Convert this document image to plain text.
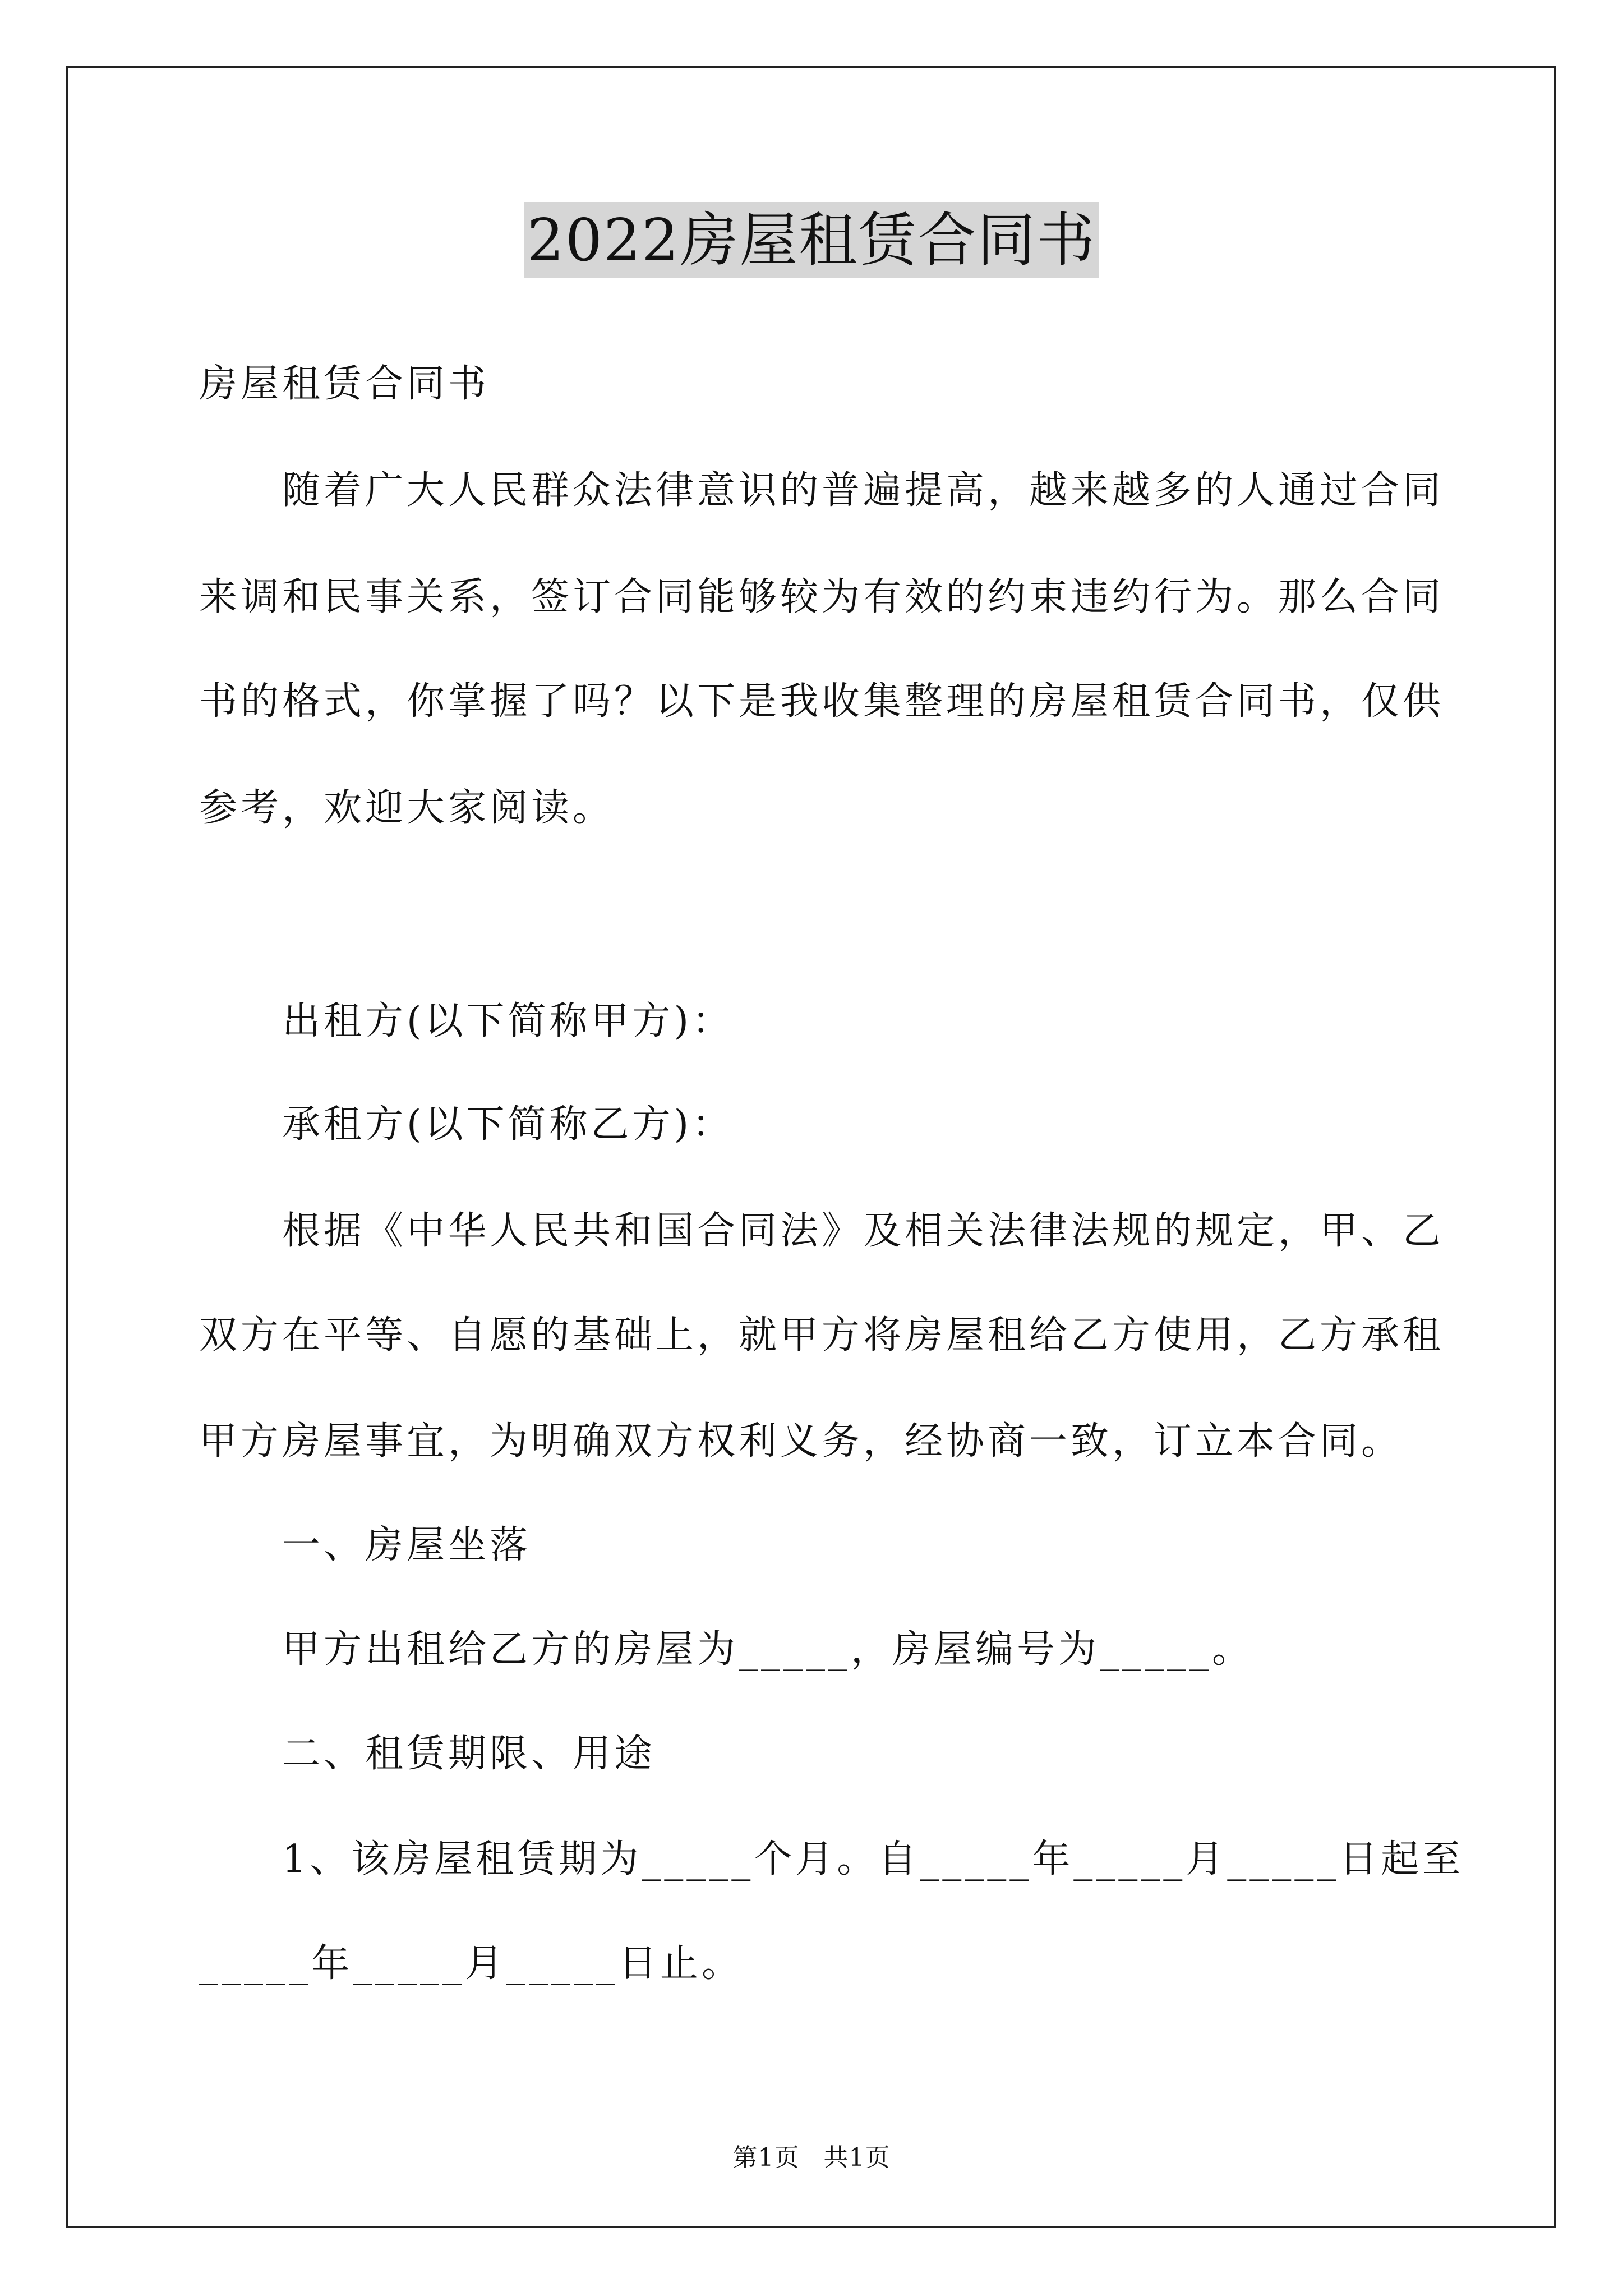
2022房屋租赁合同书
房屋租赁合同书
随着广大人民群众法律意识的普遍提高，越来越多的人通过合同
来调和民事关系，签订合同能够较为有效的约束违约行为。那么合同
书的格式，你掌握了吗？以下是我收集整理的房屋租赁合同书，仅供
参考，欢迎大家阅读。
出租方(以下简称甲方)：
承租方(以下简称乙方)：
根据《中华人民共和国合同法》及相关法律法规的规定，甲、乙
双方在平等、自愿的基础上，就甲方将房屋租给乙方使用，乙方承租
甲方房屋事宜，为明确双方权利义务，经协商一致，订立本合同。
一、房屋坐落
甲方出租给乙方的房屋为_____，房屋编号为_____。
二、租赁期限、用途
1、该房屋租赁期为_____个月。自_____年_____月_____日起至
_____年_____月_____日止。
第1页 共1页
